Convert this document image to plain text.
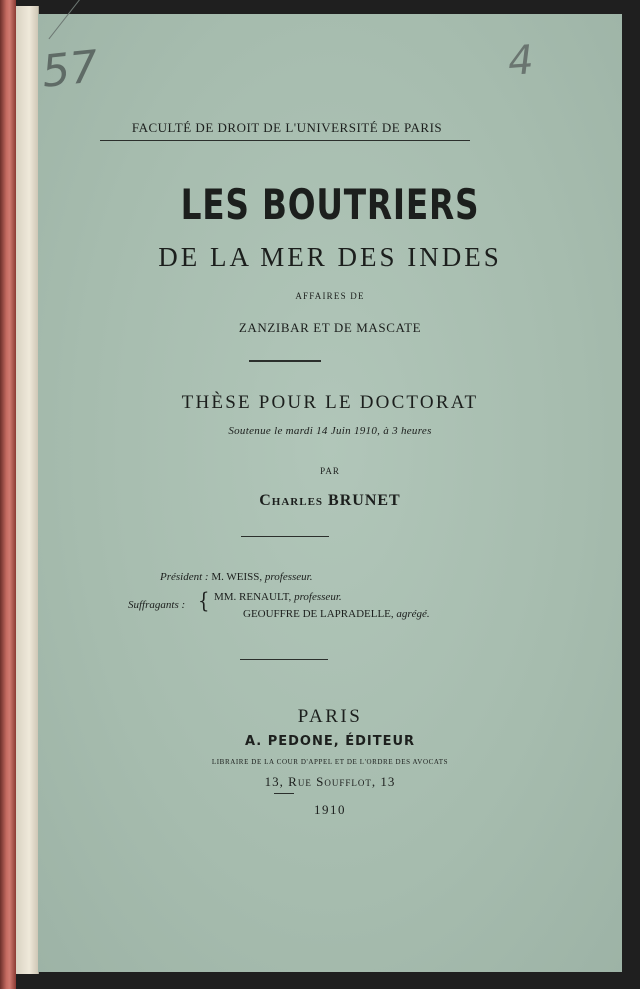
57	4
FACULTÉ DE DROIT DE L'UNIVERSITÉ DE PARIS
LES BOUTRIERS
DE LA MER DES INDES
AFFAIRES DE
ZANZIBAR ET DE MASCATE
THÈSE POUR LE DOCTORAT
Soutenue le mardi 14 Juin 1910, à 3 heures
PAR
Charles BRUNET
Président : M. WEISS, professeur.
Suffragants : { MM. RENAULT, professeur.
GEOUFFRE DE LAPRADELLE, agrégé.
PARIS
A. PEDONE, ÉDITEUR
LIBRAIRE DE LA COUR D'APPEL ET DE L'ORDRE DES AVOCATS
13, Rue Soufflot, 13
1910
